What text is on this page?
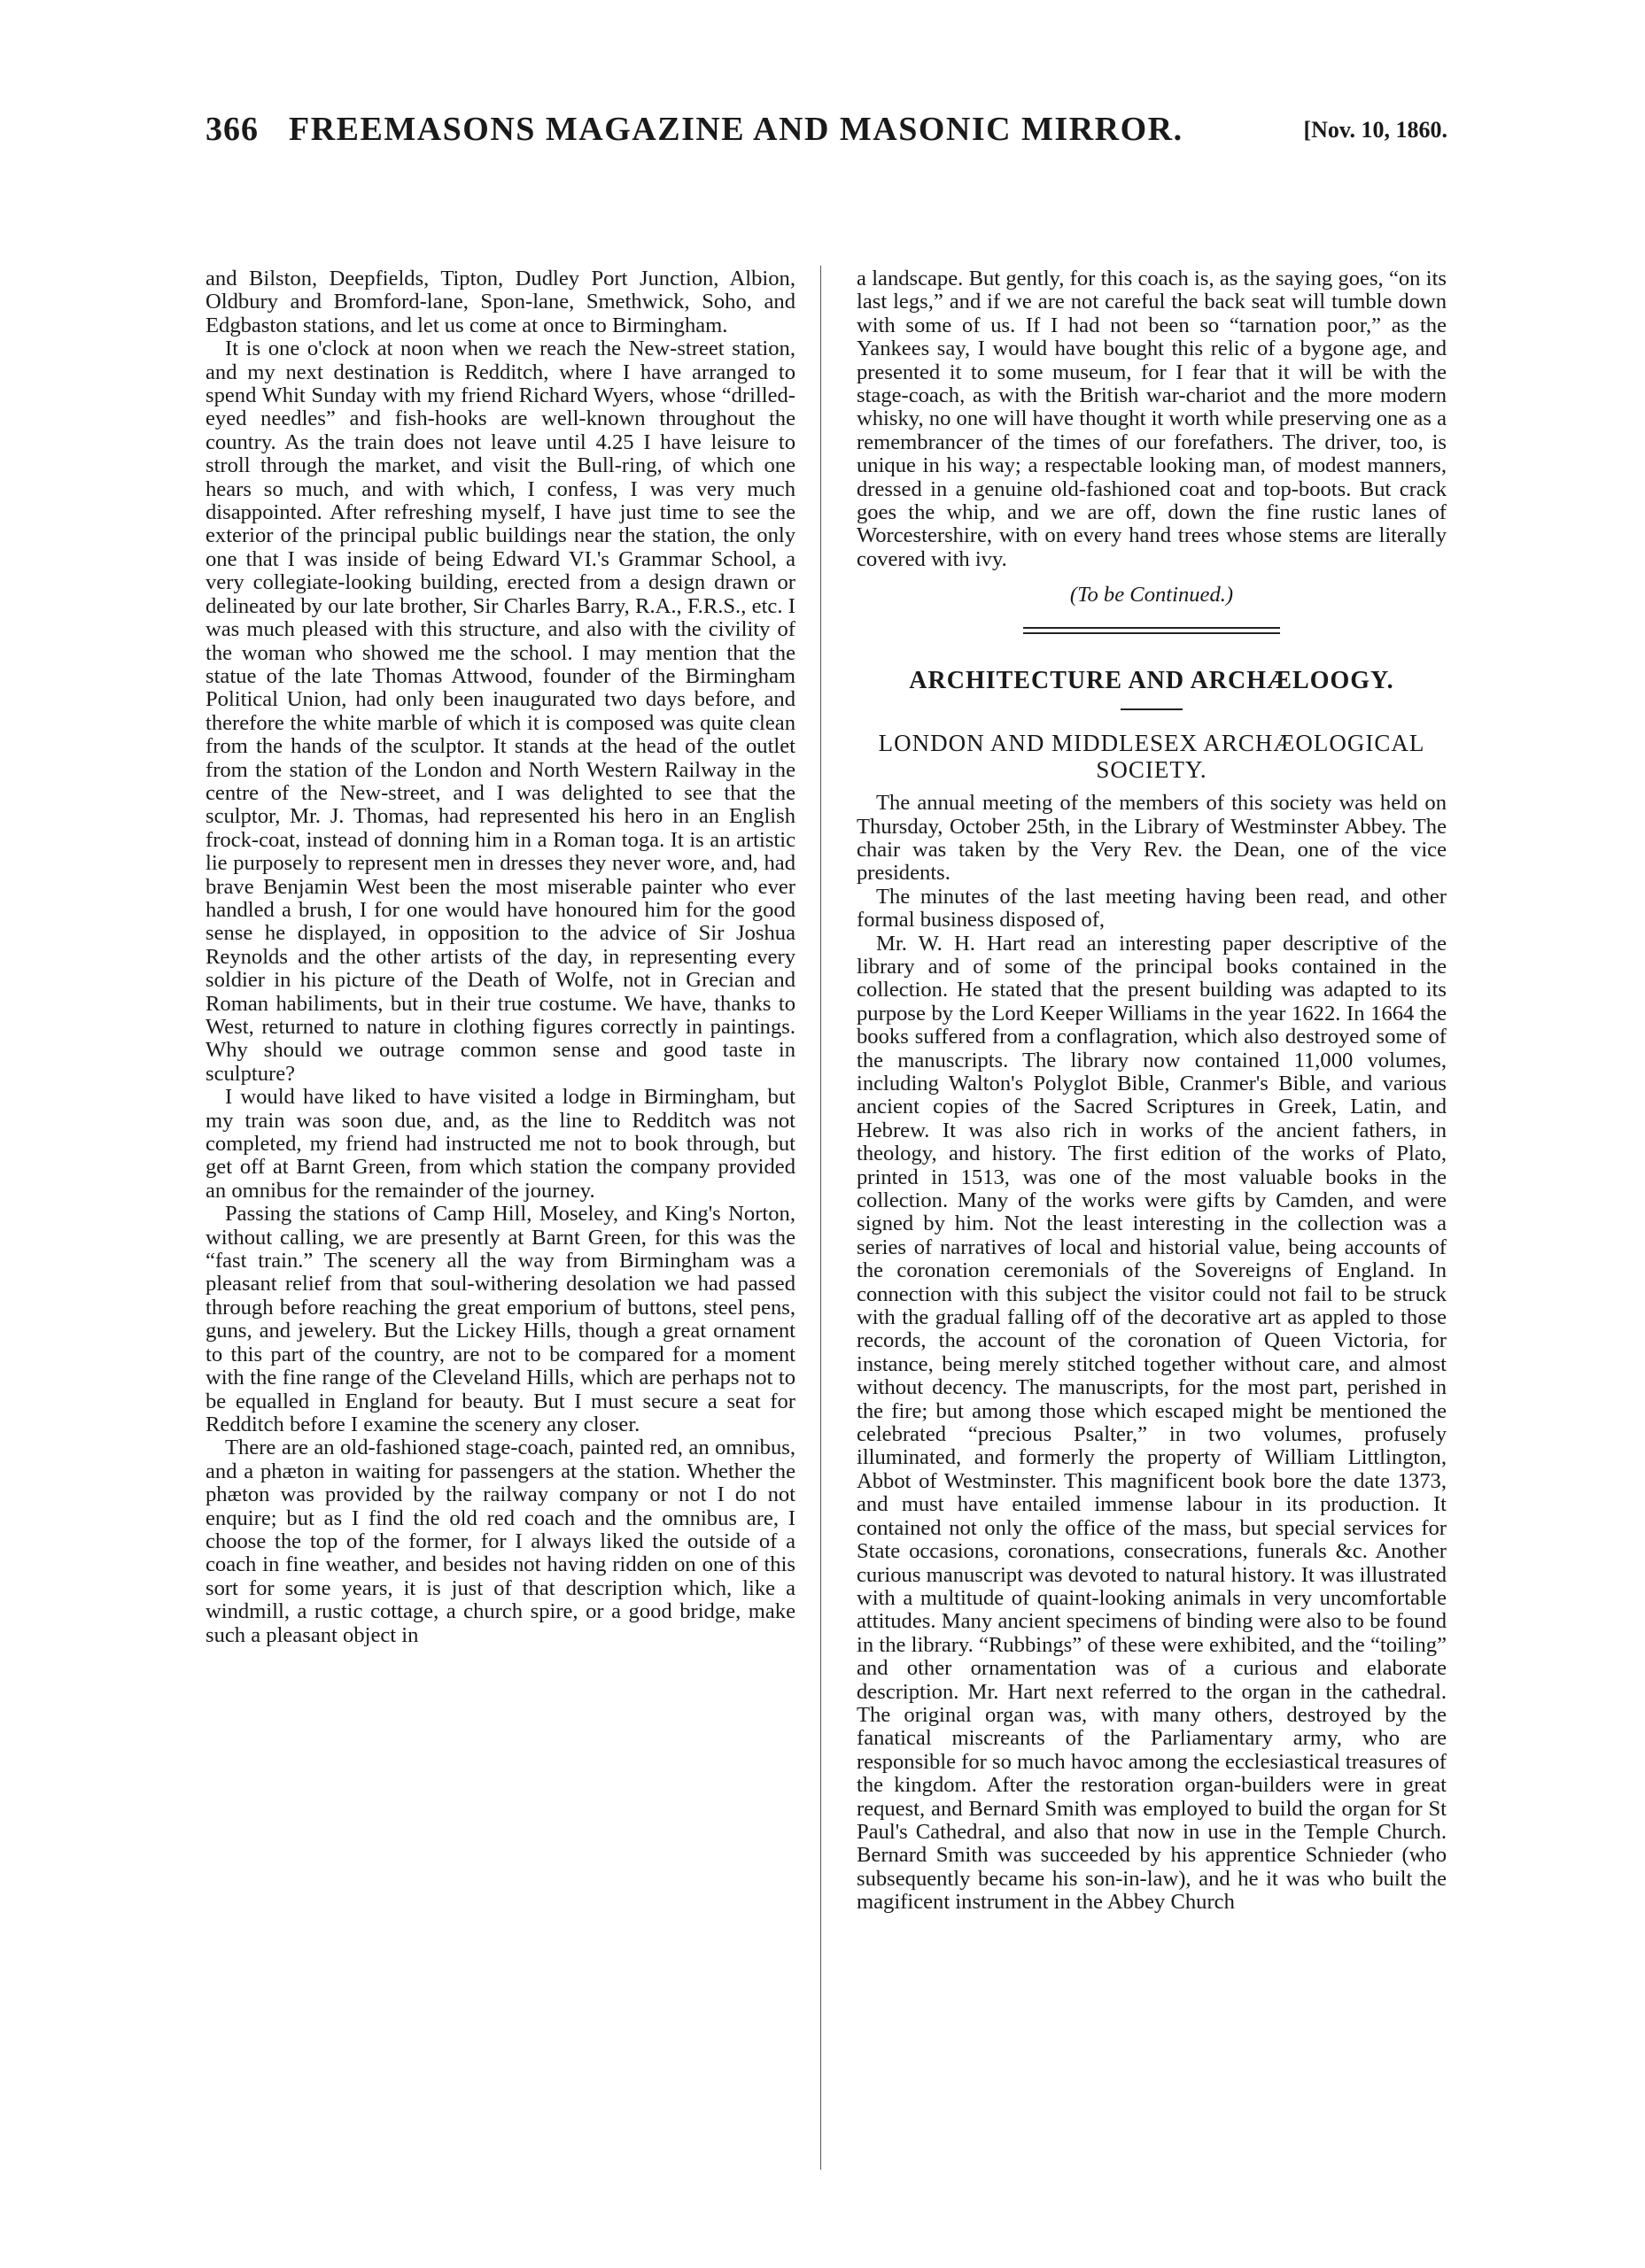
366 FREEMASONS MAGAZINE AND MASONIC MIRROR.	[Nov. 10, 1860.

and Bilston, Deepfields, Tipton, Dudley Port Junction, Albion, Oldbury and Bromford-lane, Spon-lane, Smethwick, Soho, and Edgbaston stations, and let us come at once to Birmingham.

It is one o'clock at noon when we reach the New-street station, and my next destination is Redditch, where I have arranged to spend Whit Sunday with my friend Richard Wyers, whose “drilled-eyed needles” and fish-hooks are well-known throughout the country. As the train does not leave until 4.25 I have leisure to stroll through the market, and visit the Bull-ring, of which one hears so much, and with which, I confess, I was very much disappointed. After refreshing myself, I have just time to see the exterior of the principal public buildings near the station, the only one that I was inside of being Edward VI.'s Grammar School, a very collegiate-looking building, erected from a design drawn or delineated by our late brother, Sir Charles Barry, R.A., F.R.S., etc. I was much pleased with this structure, and also with the civility of the woman who showed me the school. I may mention that the statue of the late Thomas Attwood, founder of the Birmingham Political Union, had only been inaugurated two days before, and therefore the white marble of which it is composed was quite clean from the hands of the sculptor. It stands at the head of the outlet from the station of the London and North Western Railway in the centre of the New-street, and I was delighted to see that the sculptor, Mr. J. Thomas, had represented his hero in an English frock-coat, instead of donning him in a Roman toga. It is an artistic lie purposely to represent men in dresses they never wore, and, had brave Benjamin West been the most miserable painter who ever handled a brush, I for one would have honoured him for the good sense he displayed, in opposition to the advice of Sir Joshua Reynolds and the other artists of the day, in representing every soldier in his picture of the Death of Wolfe, not in Grecian and Roman habiliments, but in their true costume. We have, thanks to West, returned to nature in clothing figures correctly in paintings. Why should we outrage common sense and good taste in sculpture?

I would have liked to have visited a lodge in Birmingham, but my train was soon due, and, as the line to Redditch was not completed, my friend had instructed me not to book through, but get off at Barnt Green, from which station the company provided an omnibus for the remainder of the journey.

Passing the stations of Camp Hill, Moseley, and King's Norton, without calling, we are presently at Barnt Green, for this was the “fast train.” The scenery all the way from Birmingham was a pleasant relief from that soul-withering desolation we had passed through before reaching the great emporium of buttons, steel pens, guns, and jewelery. But the Lickey Hills, though a great ornament to this part of the country, are not to be compared for a moment with the fine range of the Cleveland Hills, which are perhaps not to be equalled in England for beauty. But I must secure a seat for Redditch before I examine the scenery any closer.

There are an old-fashioned stage-coach, painted red, an omnibus, and a phæton in waiting for passengers at the station. Whether the phæton was provided by the railway company or not I do not enquire; but as I find the old red coach and the omnibus are, I choose the top of the former, for I always liked the outside of a coach in fine weather, and besides not having ridden on one of this sort for some years, it is just of that description which, like a windmill, a rustic cottage, a church spire, or a good bridge, make such a pleasant object in

a landscape. But gently, for this coach is, as the saying goes, “on its last legs,” and if we are not careful the back seat will tumble down with some of us. If I had not been so “tarnation poor,” as the Yankees say, I would have bought this relic of a bygone age, and presented it to some museum, for I fear that it will be with the stage-coach, as with the British war-chariot and the more modern whisky, no one will have thought it worth while preserving one as a remembrancer of the times of our forefathers. The driver, too, is unique in his way; a respectable looking man, of modest manners, dressed in a genuine old-fashioned coat and top-boots. But crack goes the whip, and we are off, down the fine rustic lanes of Worcestershire, with on every hand trees whose stems are literally covered with ivy.

(To be Continued.)

ARCHITECTURE AND ARCHÆLOOGY.
LONDON AND MIDDLESEX ARCHÆOLOGICAL SOCIETY.

The annual meeting of the members of this society was held on Thursday, October 25th, in the Library of Westminster Abbey. The chair was taken by the Very Rev. the Dean, one of the vice presidents.

The minutes of the last meeting having been read, and other formal business disposed of,

Mr. W. H. Hart read an interesting paper descriptive of the library and of some of the principal books contained in the collection. He stated that the present building was adapted to its purpose by the Lord Keeper Williams in the year 1622. In 1664 the books suffered from a conflagration, which also destroyed some of the manuscripts. The library now contained 11,000 volumes, including Walton's Polyglot Bible, Cranmer's Bible, and various ancient copies of the Sacred Scriptures in Greek, Latin, and Hebrew. It was also rich in works of the ancient fathers, in theology, and history. The first edition of the works of Plato, printed in 1513, was one of the most valuable books in the collection. Many of the works were gifts by Camden, and were signed by him. Not the least interesting in the collection was a series of narratives of local and historial value, being accounts of the coronation ceremonials of the Sovereigns of England. In connection with this subject the visitor could not fail to be struck with the gradual falling off of the decorative art as appled to those records, the account of the coronation of Queen Victoria, for instance, being merely stitched together without care, and almost without decency. The manuscripts, for the most part, perished in the fire; but among those which escaped might be mentioned the celebrated “precious Psalter,” in two volumes, profusely illuminated, and formerly the property of William Littlington, Abbot of Westminster. This magnificent book bore the date 1373, and must have entailed immense labour in its production. It contained not only the office of the mass, but special services for State occasions, coronations, consecrations, funerals &c. Another curious manuscript was devoted to natural history. It was illustrated with a multitude of quaint-looking animals in very uncomfortable attitudes. Many ancient specimens of binding were also to be found in the library. “Rubbings” of these were exhibited, and the “toiling” and other ornamentation was of a curious and elaborate description. Mr. Hart next referred to the organ in the cathedral. The original organ was, with many others, destroyed by the fanatical miscreants of the Parliamentary army, who are responsible for so much havoc among the ecclesiastical treasures of the kingdom. After the restoration organ-builders were in great request, and Bernard Smith was employed to build the organ for St Paul's Cathedral, and also that now in use in the Temple Church. Bernard Smith was succeeded by his apprentice Schnieder (who subsequently became his son-in-law), and he it was who built the magificent instrument in the Abbey Church
